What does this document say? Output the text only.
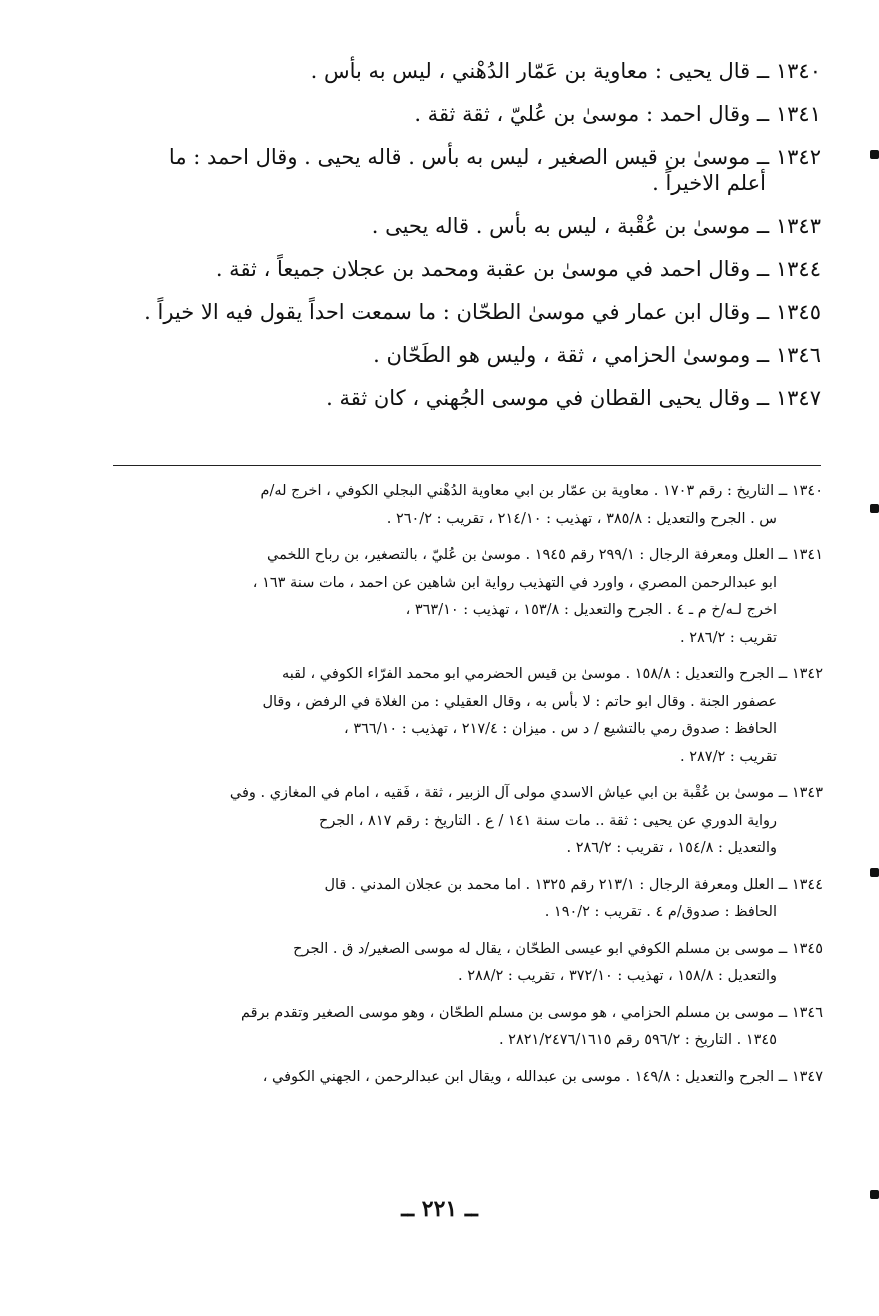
١٣٤٠ ــ قال يحيى : معاوية بن عَمّار الدُهْني ، ليس به بأس .

١٣٤١ ــ وقال احمد : موسىٰ بن عُليّ ، ثقة ثقة .

١٣٤٢ ــ موسىٰ بن قيس الصغير ، ليس به بأس . قاله يحيى . وقال احمد : ما
أعلم الاخيراً .

١٣٤٣ ــ موسىٰ بن عُقْبة ، ليس به بأس . قاله يحيى .

١٣٤٤ ــ وقال احمد في موسىٰ بن عقبة ومحمد بن عجلان جميعاً ، ثقة .

١٣٤٥ ــ وقال ابن عمار في موسىٰ الطحّان : ما سمعت احداً يقول فيه الا خيراً .

١٣٤٦ ــ وموسىٰ الحزامي ، ثقة ، وليس هو الطَحّان .

١٣٤٧ ــ وقال يحيى القطان في موسى الجُهني ، كان ثقة .

١٣٤٠ ــ التاريخ : رقم ١٧٠٣ . معاوية بن عمّار بن ابي معاوية الدُهْني البجلي الكوفي ، اخرج له/م
س . الجرح والتعديل : ٣٨٥/٨ ، تهذيب : ٢١٤/١٠ ، تقريب : ٢٦٠/٢ .
١٣٤١ ــ العلل ومعرفة الرجال : ٢٩٩/١ رقم ١٩٤٥ . موسىٰ بن عُليّ ، بالتصغير، بن رباح اللخمي
ابو عبدالرحمن المصري ، واورد في التهذيب رواية ابن شاهين عن احمد ، مات سنة ١٦٣ ،
اخرج لـه/خ م ـ ٤ . الجرح والتعديل : ١٥٣/٨ ، تهذيب : ٣٦٣/١٠ ،
تقريب : ٢٨٦/٢ .
١٣٤٢ ــ الجرح والتعديل : ١٥٨/٨ . موسىٰ بن قيس الحضرمي ابو محمد الفرّاء الكوفي ، لقبه
عصفور الجنة . وقال ابو حاتم : لا بأس به ، وقال العقيلي : من الغلاة في الرفض ، وقال
الحافظ : صدوق رمي بالتشيع / د س . ميزان : ٢١٧/٤ ، تهذيب : ٣٦٦/١٠ ،
تقريب : ٢٨٧/٢ .
١٣٤٣ ــ موسىٰ بن عُقْبة بن ابي عياش الاسدي مولى آل الزبير ، ثقة ، فَقيه ، امام في المغازي . وفي
رواية الدوري عن يحيى : ثقة .. مات سنة ١٤١ / ع . التاريخ : رقم ٨١٧ ، الجرح
والتعديل : ١٥٤/٨ ، تقريب : ٢٨٦/٢ .
١٣٤٤ ــ العلل ومعرفة الرجال : ٢١٣/١ رقم ١٣٢٥ . اما محمد بن عجلان المدني . قال
الحافظ : صدوق/م ٤ . تقريب : ١٩٠/٢ .
١٣٤٥ ــ موسى بن مسلم الكوفي ابو عيسى الطحّان ، يقال له موسى الصغير/د ق . الجرح
والتعديل : ١٥٨/٨ ، تهذيب : ٣٧٢/١٠ ، تقريب : ٢٨٨/٢ .
١٣٤٦ ــ موسى بن مسلم الحزامي ، هو موسى بن مسلم الطحّان ، وهو موسى الصغير وتقدم برقم
١٣٤٥ . التاريخ : ٥٩٦/٢ رقم ٢٨٢١/٢٤٧٦/١٦١٥ .
١٣٤٧ ــ الجرح والتعديل : ١٤٩/٨ . موسى بن عبدالله ، ويقال ابن عبدالرحمن ، الجهني الكوفي ،
ــ ٢٢١ ــ
